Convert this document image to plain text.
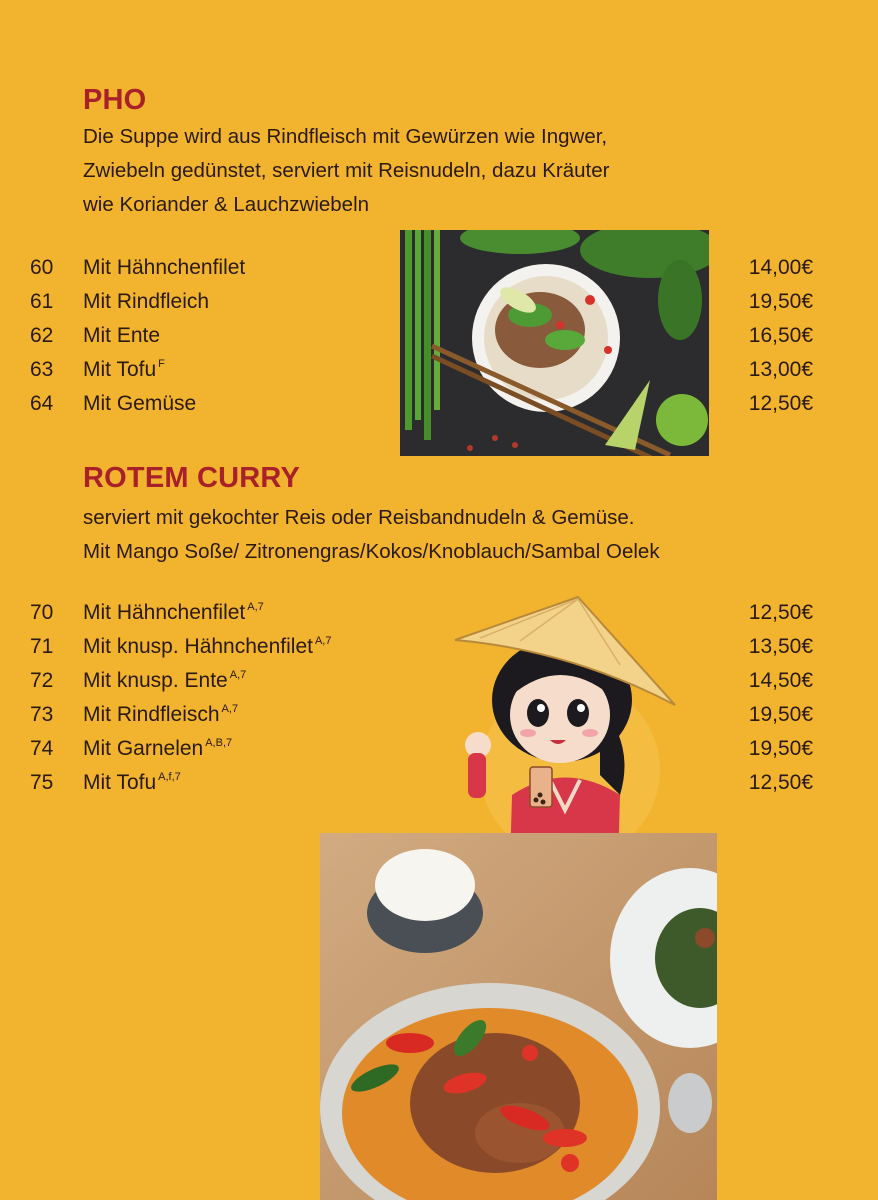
PHO
Die Suppe wird aus Rindfleisch mit Gewürzen wie Ingwer,
Zwiebeln gedünstet, serviert mit Reisnudeln, dazu Kräuter
wie Koriander & Lauchzwiebeln
60 Mit Hähnchenfilet	14,00€
61 Mit Rindfleich	19,50€
62 Mit Ente	16,50€
63 Mit Tofu $^F$	13,00€
64 Mit Gemüse	12,50€
ROTEM CURRY
serviert mit gekochter Reis oder Reisbandnudeln & Gemüse.
Mit Mango Soße/ Zitronengras/Kokos/Knoblauch/Sambal Oelek
70 Mit Hähnchenfilet $^{A,7}$	12,50€
71 Mit knusp. Hähnchenfilet $^{A,7}$	13,50€
72 Mit knusp. Ente $^{A,7}$	14,50€
73 Mit Rindfleisch $^{A,7}$	19,50€
74 Mit Garnelen $^{A,B,7}$	19,50€
75 Mit Tofu $^{A,f,7}$	12,50€
